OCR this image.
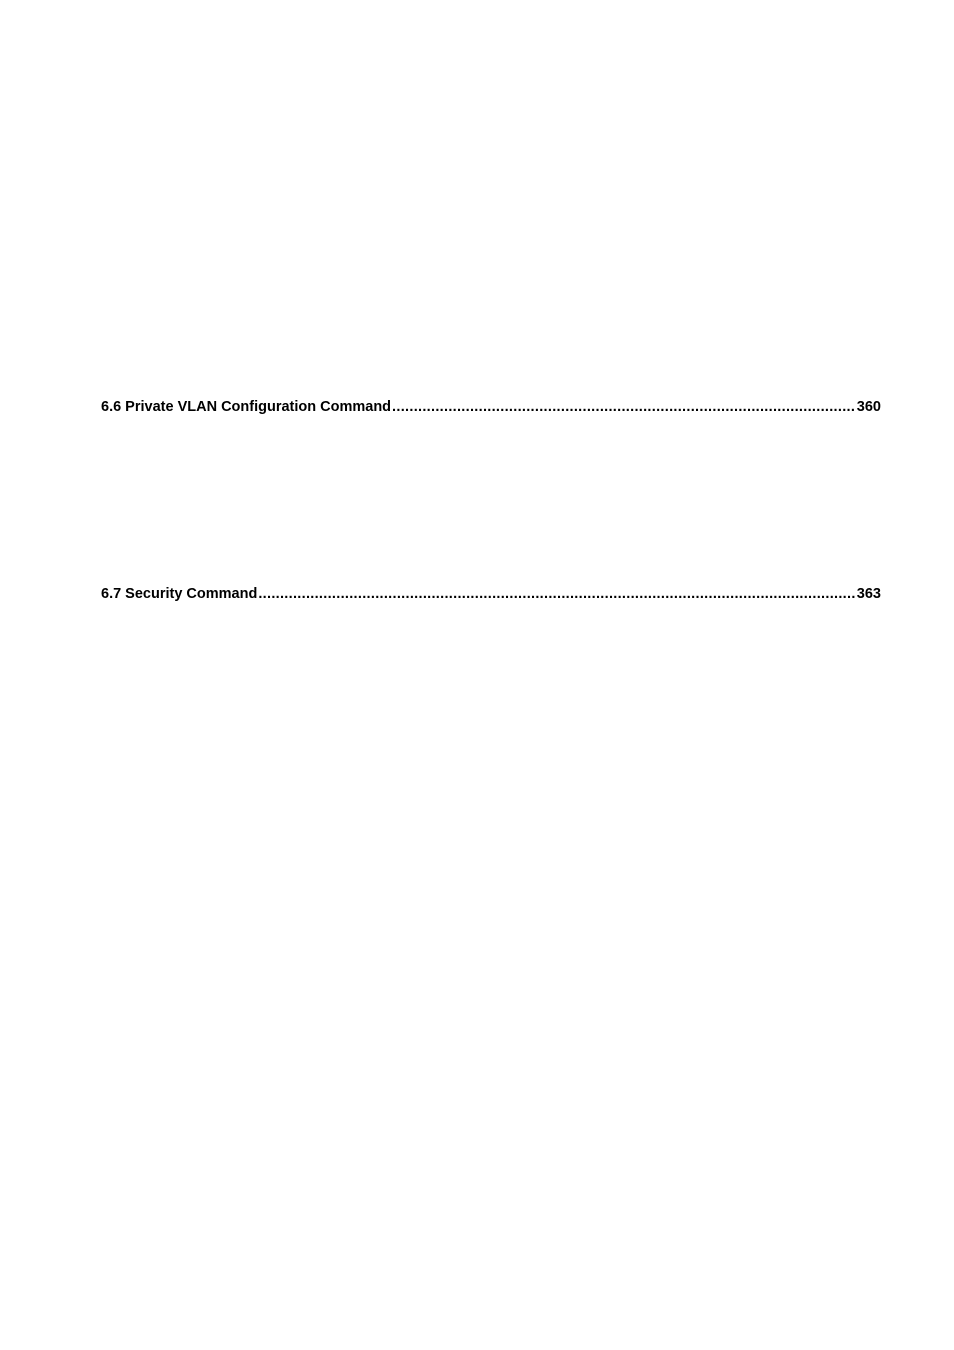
6.6 Private VLAN Configuration Command .....	360
6.7 Security Command .....	363
